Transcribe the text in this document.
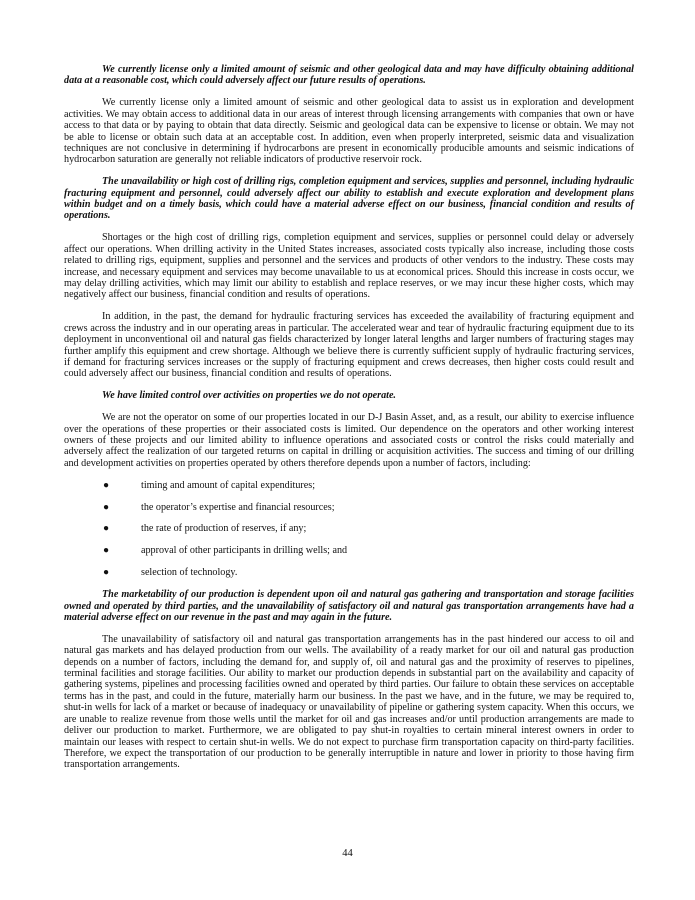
We currently license only a limited amount of seismic and other geological data and may have difficulty obtaining additional data at a reasonable cost, which could adversely affect our future results of operations.

We currently license only a limited amount of seismic and other geological data to assist us in exploration and development activities. We may obtain access to additional data in our areas of interest through licensing arrangements with companies that own or have access to that data or by paying to obtain that data directly. Seismic and geological data can be expensive to license or obtain. We may not be able to license or obtain such data at an acceptable cost. In addition, even when properly interpreted, seismic data and visualization techniques are not conclusive in determining if hydrocarbons are present in economically producible amounts and seismic indications of hydrocarbon saturation are generally not reliable indicators of productive reservoir rock.

The unavailability or high cost of drilling rigs, completion equipment and services, supplies and personnel, including hydraulic fracturing equipment and personnel, could adversely affect our ability to establish and execute exploration and development plans within budget and on a timely basis, which could have a material adverse effect on our business, financial condition and results of operations.

Shortages or the high cost of drilling rigs, completion equipment and services, supplies or personnel could delay or adversely affect our operations. When drilling activity in the United States increases, associated costs typically also increase, including those costs related to drilling rigs, equipment, supplies and personnel and the services and products of other vendors to the industry. These costs may increase, and necessary equipment and services may become unavailable to us at economical prices. Should this increase in costs occur, we may delay drilling activities, which may limit our ability to establish and replace reserves, or we may incur these higher costs, which may negatively affect our business, financial condition and results of operations.

In addition, in the past, the demand for hydraulic fracturing services has exceeded the availability of fracturing equipment and crews across the industry and in our operating areas in particular. The accelerated wear and tear of hydraulic fracturing equipment due to its deployment in unconventional oil and natural gas fields characterized by longer lateral lengths and larger numbers of fracturing stages may further amplify this equipment and crew shortage. Although we believe there is currently sufficient supply of hydraulic fracturing services, if demand for fracturing services increases or the supply of fracturing equipment and crews decreases, then higher costs could result and could adversely affect our business, financial condition and results of operations.

We have limited control over activities on properties we do not operate.

We are not the operator on some of our properties located in our D-J Basin Asset, and, as a result, our ability to exercise influence over the operations of these properties or their associated costs is limited. Our dependence on the operators and other working interest owners of these projects and our limited ability to influence operations and associated costs or control the risks could materially and adversely affect the realization of our targeted returns on capital in drilling or acquisition activities. The success and timing of our drilling and development activities on properties operated by others therefore depends upon a number of factors, including:

●	timing and amount of capital expenditures;
●	the operator’s expertise and financial resources;
●	the rate of production of reserves, if any;
●	approval of other participants in drilling wells; and
●	selection of technology.

The marketability of our production is dependent upon oil and natural gas gathering and transportation and storage facilities owned and operated by third parties, and the unavailability of satisfactory oil and natural gas transportation arrangements have had a material adverse effect on our revenue in the past and may again in the future.

The unavailability of satisfactory oil and natural gas transportation arrangements has in the past hindered our access to oil and natural gas markets and has delayed production from our wells. The availability of a ready market for our oil and natural gas production depends on a number of factors, including the demand for, and supply of, oil and natural gas and the proximity of reserves to pipelines, terminal facilities and storage facilities. Our ability to market our production depends in substantial part on the availability and capacity of gathering systems, pipelines and processing facilities owned and operated by third parties. Our failure to obtain these services on acceptable terms has in the past, and could in the future, materially harm our business. In the past we have, and in the future, we may be required to, shut-in wells for lack of a market or because of inadequacy or unavailability of pipeline or gathering system capacity. When this occurs, we are unable to realize revenue from those wells until the market for oil and gas increases and/or until production arrangements are made to deliver our production to market. Furthermore, we are obligated to pay shut-in royalties to certain mineral interest owners in order to maintain our leases with respect to certain shut-in wells. We do not expect to purchase firm transportation capacity on third-party facilities. Therefore, we expect the transportation of our production to be generally interruptible in nature and lower in priority to those having firm transportation arrangements.

44
